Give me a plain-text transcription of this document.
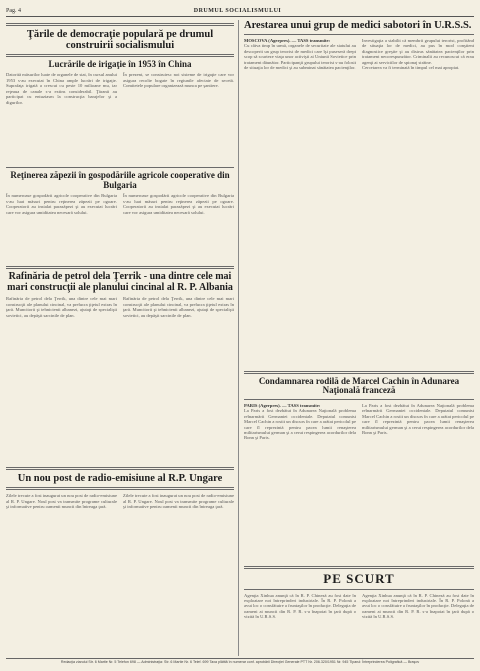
Pag. 4	DRUMUL SOCIALISMULUI
Ţările de democraţie populară pe drumul construirii socialismului
Lucrările de irigaţie în 1953 în China
Datorită măsurilor luate de organele de stat, în cursul anului 1953 s-au executat în China ample lucrări de irigaţie. Suprafaţa irigată a crescut cu peste 10 milioane mu, iar reţeaua de canale s-a extins considerabil. Ţăranii au participat cu entuziasm la construcţia barajelor şi a digurilor.
În prezent, se construiesc noi sisteme de irigaţie care vor asigura recolte bogate în regiunile afectate de secetă. Comitetele populare organizează munca pe şantiere.
Reţinerea zăpezii în gospodăriile agricole cooperative din Bulgaria
În numeroase gospodării agricole cooperative din Bulgaria s-au luat măsuri pentru reţinerea zăpezii pe ogoare. Cooperatorii au instalat parazăpezi şi au executat lucrări care vor asigura umiditatea necesară solului.
În numeroase gospodării agricole cooperative din Bulgaria s-au luat măsuri pentru reţinerea zăpezii pe ogoare. Cooperatorii au instalat parazăpezi şi au executat lucrări care vor asigura umiditatea necesară solului.
Rafinăria de petrol dela Ţerrik - una dintre cele mai mari construcţii ale planului cincinal al R. P. Albania
Rafinăria de petrol dela Ţerrik, una dintre cele mai mari construcţii ale planului cincinal, va prelucra ţiţeiul extras în ţară. Muncitorii şi tehnicienii albanezi, ajutaţi de specialişti sovietici, au depăşit sarcinile de plan.
Rafinăria de petrol dela Ţerrik, una dintre cele mai mari construcţii ale planului cincinal, va prelucra ţiţeiul extras în ţară. Muncitorii şi tehnicienii albanezi, ajutaţi de specialişti sovietici, au depăşit sarcinile de plan.
Un nou post de radio-emisiune al R.P. Ungare
Zilele trecute a fost inaugurat un nou post de radio-emisiune al R. P. Ungare. Noul post va transmite programe culturale şi informative pentru oamenii muncii din întreaga ţară.
Zilele trecute a fost inaugurat un nou post de radio-emisiune al R. P. Ungare. Noul post va transmite programe culturale şi informative pentru oamenii muncii din întreaga ţară.
Arestarea unui grup de medici sabotori în U.R.S.S.
MOSCOVA (Agerpres). — TASS transmite:
Cu câtva timp în urmă, organele de securitate ale statului au descoperit un grup terorist de medici care îşi puseseră drept scop să scurteze viaţa unor activişti ai Uniunii Sovietice prin tratament dăunător. Participanţii grupului terorist s-au folosit de situaţia lor de medici şi au subminat sănătatea pacienţilor.
Investigaţia a stabilit că membrii grupului terorist, profitând de situaţia lor de medici, au pus în mod conştient diagnostice greşite şi au distrus sănătatea pacienţilor prin tratament necorespunzător. Criminalii au recunoscut că erau agenţi ai serviciilor de spionaj străine.
Cercetarea va fi terminată în timpul cel mai apropiat.
Condamnarea rodilă de Marcel Cachin în Adunarea Naţională franceză
PARIS (Agerpres). — TASS transmite:
La Paris a fost dezbătut în Adunarea Naţională problema reînarmării Germaniei occidentale. Deputatul comunist Marcel Cachin a rostit un discurs în care a arătat pericolul pe care îl reprezintă pentru pacea lumii renaşterea militarismului german şi a cerut respingerea acordurilor dela Bonn şi Paris.
La Paris a fost dezbătut în Adunarea Naţională problema reînarmării Germaniei occidentale. Deputatul comunist Marcel Cachin a rostit un discurs în care a arătat pericolul pe care îl reprezintă pentru pacea lumii renaşterea militarismului german şi a cerut respingerea acordurilor dela Bonn şi Paris.
PE SCURT
Agenţia Xinhua anunţă că în R. P. Chineză au fost date în exploatare noi întreprinderi industriale. În R. P. Polonă a avut loc o consfătuire a fruntaşilor în producţie. Delegaţia de oameni ai muncii din R. P. R. s-a înapoiat în ţară după o vizită în U.R.S.S.
Agenţia Xinhua anunţă că în R. P. Chineză au fost date în exploatare noi întreprinderi industriale. În R. P. Polonă a avut loc o consfătuire a fruntaşilor în producţie. Delegaţia de oameni ai muncii din R. P. R. s-a înapoiat în ţară după o vizită în U.R.S.S.
Redacţia ziarului Str. 6 Martie Nr. 5 Telefon 698 — Administraţia: Str. 6 Martie Nr. 6 Telef. 699 Taxa plătită în numerar conf. aprobării Direcţiei Generale PTT Nr. 206.320/1951 Nr. 945 Tiparul: Întreprinderea Poligrafică — Braşov
